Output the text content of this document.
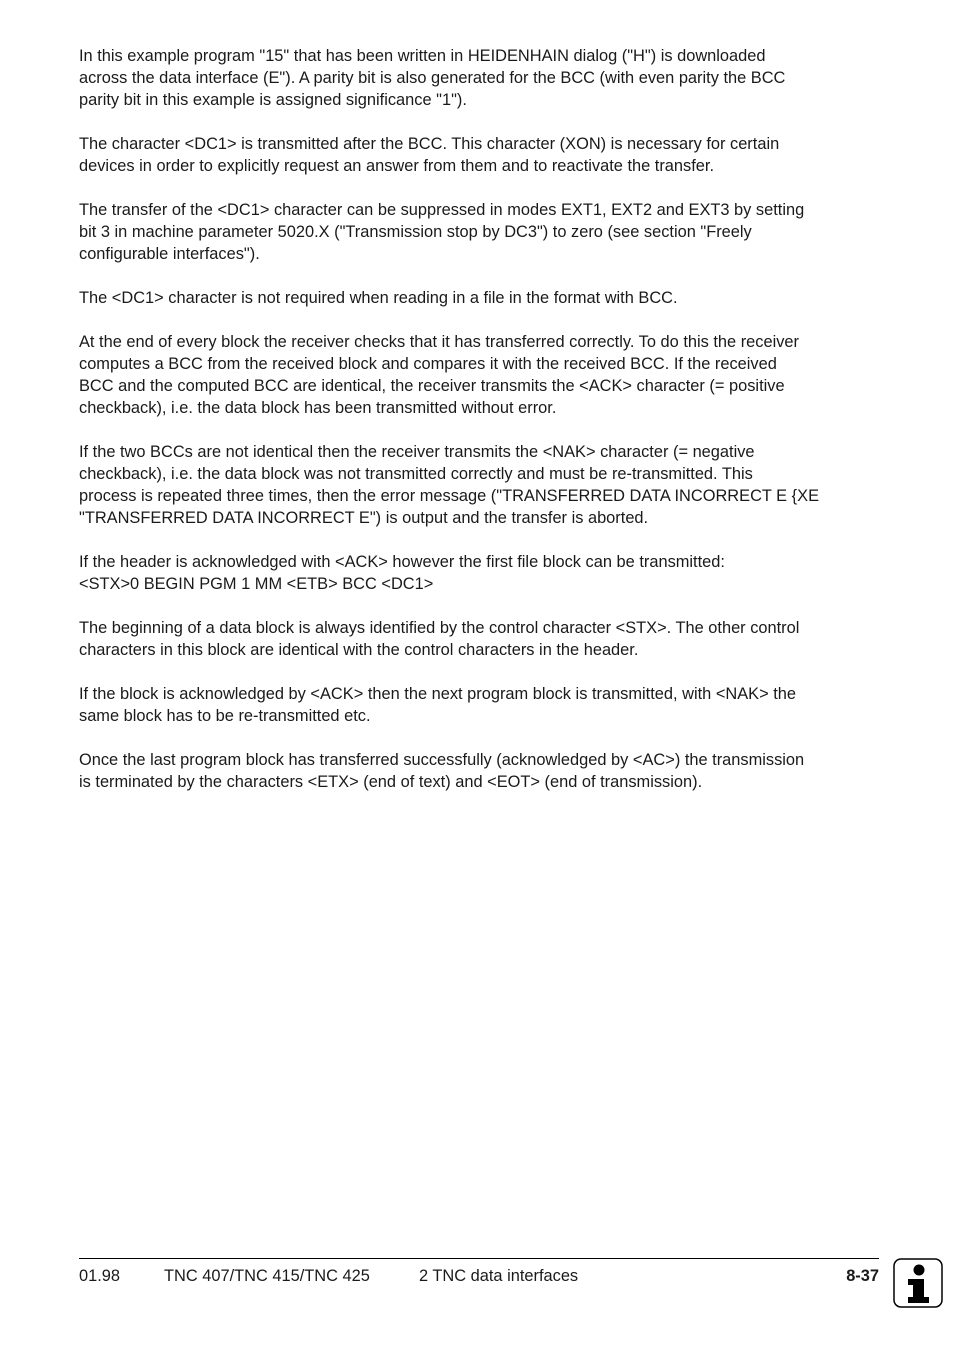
In this example program "15" that has been written in HEIDENHAIN dialog ("H") is downloaded
across the data interface (E"). A parity bit is also generated for the BCC (with even parity the BCC
parity bit in this example is assigned significance "1").

The character <DC1> is transmitted after the BCC. This character (XON) is necessary for certain
devices in order to explicitly request an answer from them and to reactivate the transfer.

The transfer of the <DC1> character can be suppressed in modes EXT1, EXT2 and EXT3 by setting
bit 3 in machine parameter 5020.X ("Transmission stop by DC3") to zero (see section "Freely
configurable interfaces").

The <DC1> character is not required when reading in a file in the format with BCC.

At the end of every block the receiver checks that it has transferred correctly. To do this the receiver
computes a BCC from the received block and compares it with the received BCC. If the received
BCC and the computed BCC are identical, the receiver transmits the <ACK> character (= positive
checkback), i.e. the data block has been transmitted without error.

If the two BCCs are not identical then the receiver transmits the <NAK> character (= negative
checkback), i.e. the data block was not transmitted correctly and must be re-transmitted. This
process is repeated three times, then the error message ("TRANSFERRED DATA INCORRECT E {XE
"TRANSFERRED DATA INCORRECT E") is output and the transfer is aborted.

If the header is acknowledged with <ACK> however the first file block can be transmitted:
<STX>0 BEGIN PGM 1 MM <ETB> BCC <DC1>

The beginning of a data block is always identified by the control character <STX>. The other control
characters in this block are identical with the control characters in the header.

If the block is acknowledged by <ACK> then the next program block is transmitted, with <NAK> the
same block has to be re-transmitted etc.

Once the last program block has transferred successfully (acknowledged by <AC>) the transmission
is terminated by the characters <ETX> (end of text) and <EOT> (end of transmission).

01.98	TNC 407/TNC 415/TNC 425	2 TNC data interfaces	8-37
